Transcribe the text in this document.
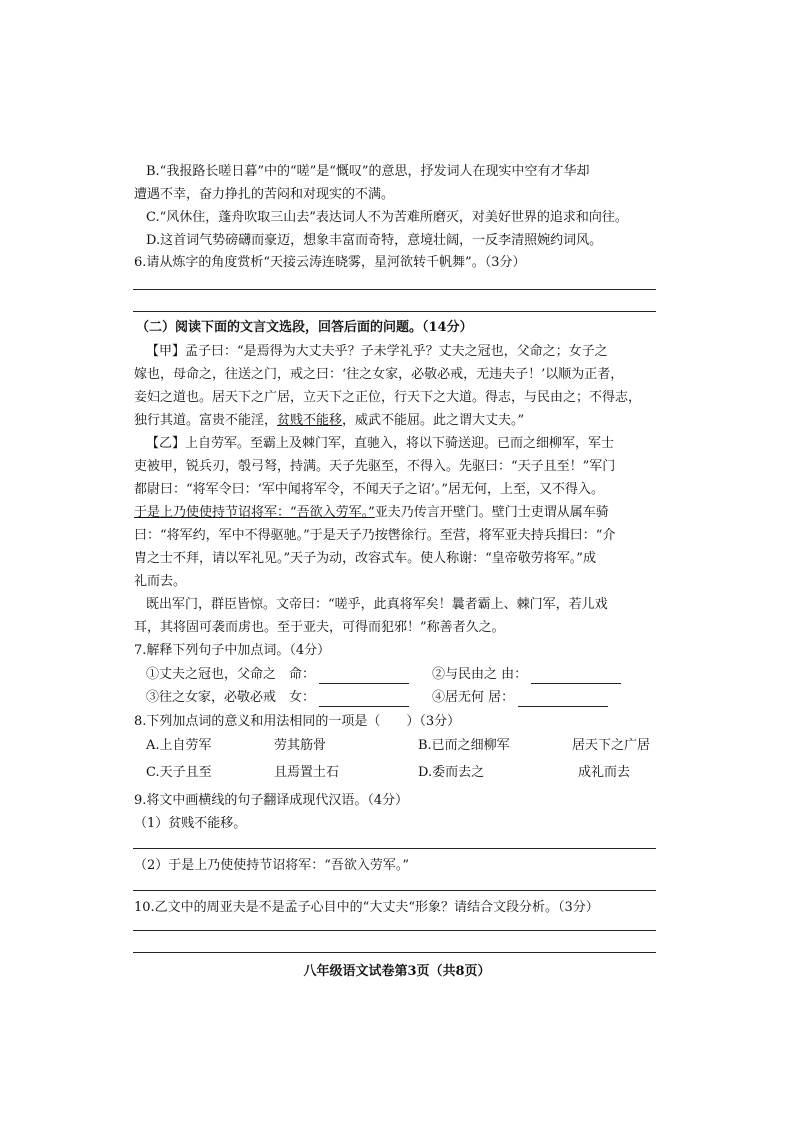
B.“我报路长嗟日暮”中的“嗟”是“慨叹”的意思，抒发词人在现实中空有才华却
遭遇不幸，奋力挣扎的苦闷和对现实的不满。
C.“风休住，蓬舟吹取三山去”表达词人不为苦难所磨灭，对美好世界的追求和向往。
D.这首词气势磅礴而豪迈，想象丰富而奇特，意境壮阔，一反李清照婉约词风。
6.请从炼字的角度赏析“天接云涛连晓雾，星河欲转千帆舞”。（3分）
（二）阅读下面的文言文选段，回答后面的问题。（14分）
【甲】孟子曰：“是焉得为大丈夫乎？子未学礼乎？丈夫之冠也，父命之；女子之
嫁也，母命之，往送之门，戒之曰：‘往之女家，必敬必戒，无违夫子！’以顺为正者，
妾妇之道也。居天下之广居，立天下之正位，行天下之大道。得志，与民由之；不得志，
独行其道。富贵不能淫，贫贱不能移，威武不能屈。此之谓大丈夫。”
【乙】上自劳军。至霸上及棘门军，直驰入，将以下骑送迎。已而之细柳军，军士
吏被甲，锐兵刃，彀弓弩，持满。天子先驱至，不得入。先驱曰：“天子且至！”军门
都尉曰：“将军令曰：‘军中闻将军令，不闻天子之诏’。”居无何，上至，又不得入。
于是上乃使使持节诏将军：“吾欲入劳军。”亚夫乃传言开壁门。壁门士吏谓从属车骑
曰：“将军约，军中不得驱驰。”于是天子乃按辔徐行。至营，将军亚夫持兵揖曰：“介
胄之士不拜，请以军礼见。”天子为动，改容式车。使人称谢：“皇帝敬劳将军。”成
礼而去。
既出军门，群臣皆惊。文帝曰：“嗟乎，此真将军矣！曩者霸上、棘门军，若儿戏
耳，其将固可袭而虏也。至于亚夫，可得而犯邪！”称善者久之。
7.解释下列句子中加点词。（4分）
①丈夫之冠也，父命之　命：	②与民由之 由：
③往之女家，必敬必戒　女：	④居无何 居：
8.下列加点词的意义和用法相同的一项是（　　）（3分）
A.上自劳军	劳其筋骨	B.已而之细柳军	居天下之广居
C.天子且至	且焉置土石	D.委而去之	成礼而去
9.将文中画横线的句子翻译成现代汉语。（4分）
（1）贫贱不能移。
（2）于是上乃使使持节诏将军：“吾欲入劳军。”
10.乙文中的周亚夫是不是孟子心目中的“大丈夫“形象？请结合文段分析。（3分）
八年级语文试卷第3页（共8页）
